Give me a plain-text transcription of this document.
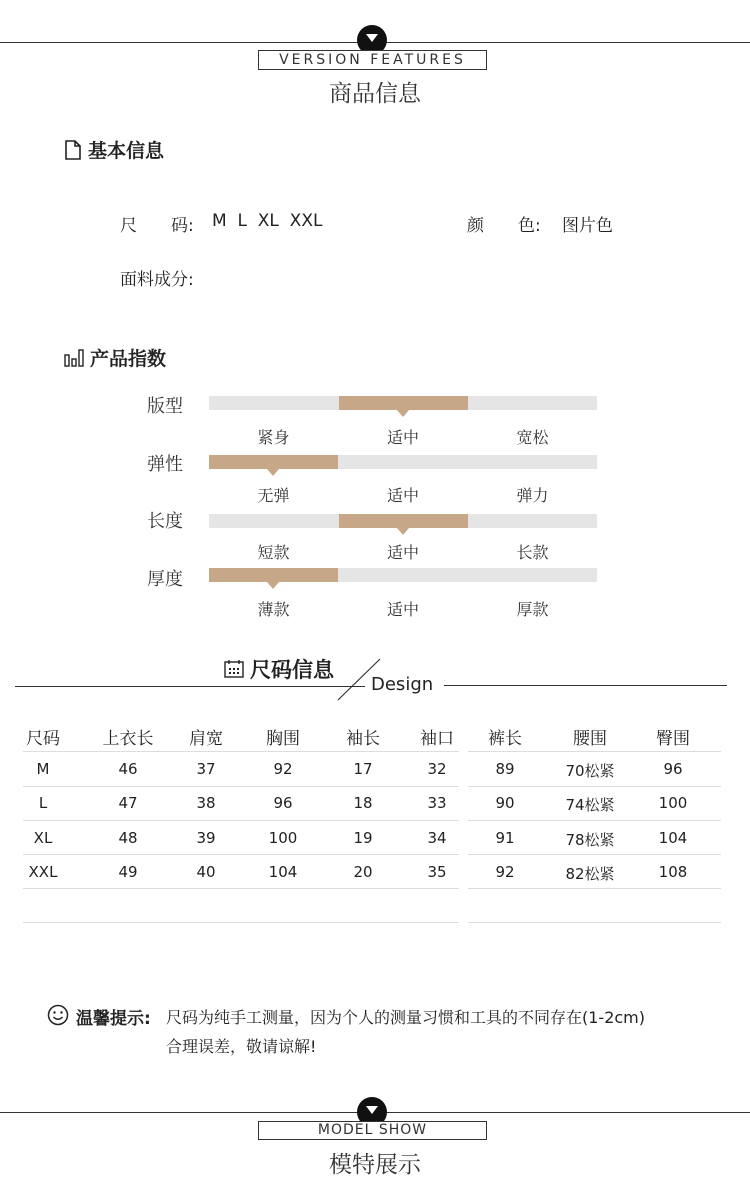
VERSION FEATURES
商品信息
基本信息
尺　　码: M  L  XL  XXL	颜　　色: 图片色
面料成分:
产品指数
版型
紧身	适中	宽松
弹性
无弹	适中	弹力
长度
短款	适中	长款
厚度
薄款	适中	厚款
尺码信息
Design
尺码	上衣长	肩宽	胸围	袖长	袖口	裤长	腰围	臀围
M	46	37	92	17	32	89	70松紧	96
L	47	38	96	18	33	90	74松紧	100
XL	48	39	100	19	34	91	78松紧	104
XXL	49	40	104	20	35	92	82松紧	108
温馨提示: 尺码为纯手工测量，因为个人的测量习惯和工具的不同存在(1-2cm)
合理误差，敬请谅解!
MODEL SHOW
模特展示
